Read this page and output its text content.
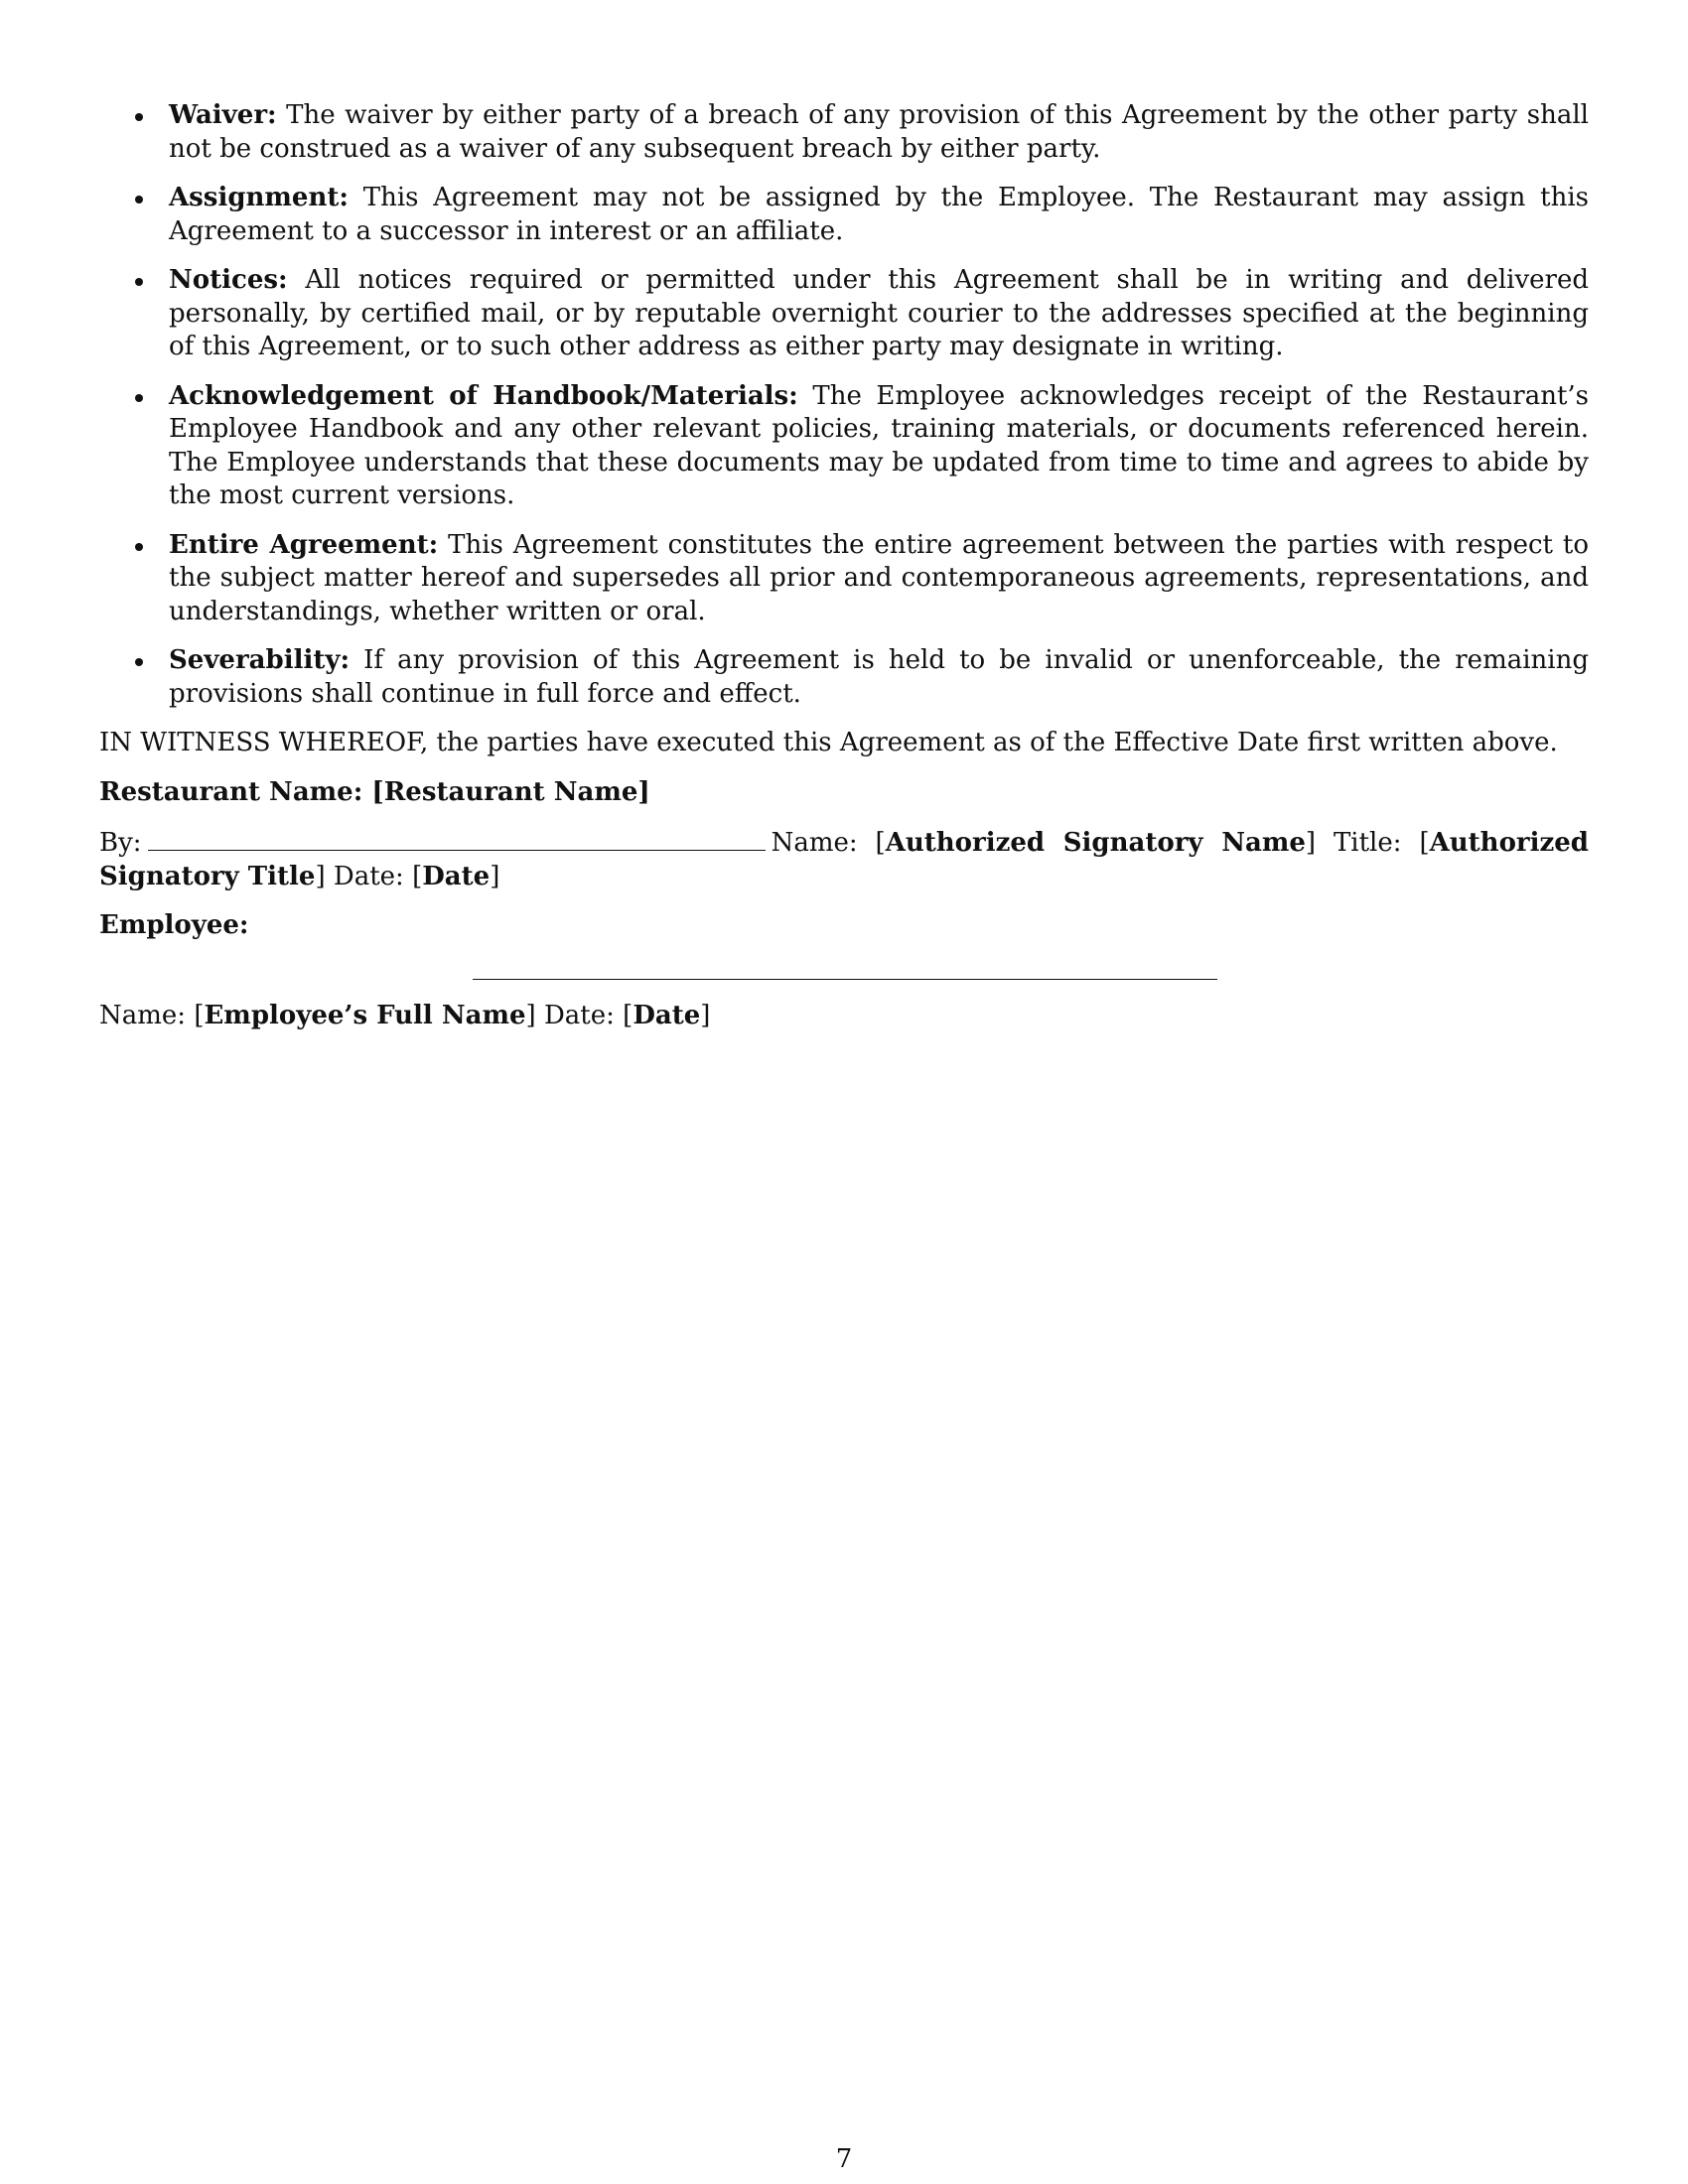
Waiver: The waiver by either party of a breach of any provision of this Agreement by the other party shall not be construed as a waiver of any subsequent breach by either party.
Assignment: This Agreement may not be assigned by the Employee. The Restaurant may assign this Agreement to a successor in interest or an affiliate.
Notices: All notices required or permitted under this Agreement shall be in writing and delivered personally, by certified mail, or by reputable overnight courier to the addresses specified at the beginning of this Agreement, or to such other address as either party may designate in writing.
Acknowledgement of Handbook/Materials: The Employee acknowledges receipt of the Restaurant’s Employee Handbook and any other relevant policies, training materials, or documents referenced herein. The Employee understands that these documents may be updated from time to time and agrees to abide by the most current versions.
Entire Agreement: This Agreement constitutes the entire agreement between the parties with respect to the subject matter hereof and supersedes all prior and contemporaneous agreements, representations, and understandings, whether written or oral.
Severability: If any provision of this Agreement is held to be invalid or unenforceable, the remaining provisions shall continue in full force and effect.

IN WITNESS WHEREOF, the parties have executed this Agreement as of the Effective Date first written above.

Restaurant Name: [Restaurant Name]

By:	Name: [Authorized Signatory Name] Title: [Authorized Signatory Title] Date: [Date]

Employee:

Name: [Employee’s Full Name] Date: [Date]

7
